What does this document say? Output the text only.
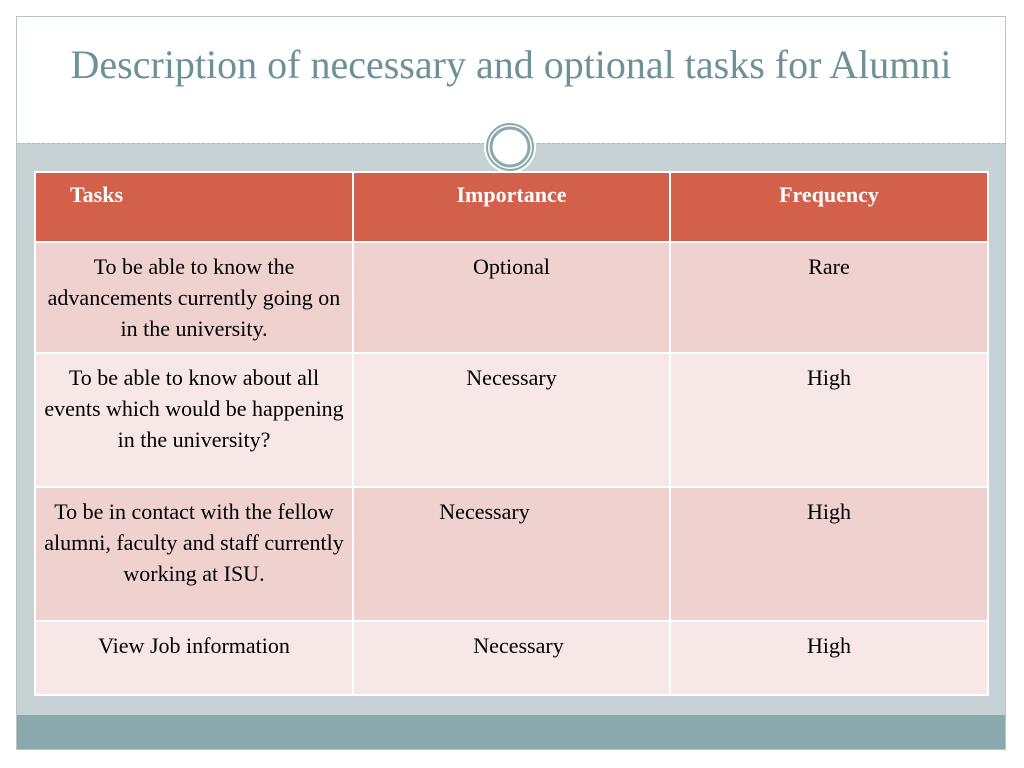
Description of necessary and optional tasks for Alumni
Tasks	Importance	Frequency
To be able to know the advancements currently going on in the university.	Optional	Rare
To be able to know about all events which would be happening in the university?	Necessary	High
To be in contact with the fellow alumni, faculty and staff currently working at ISU.	Necessary	High
View Job information	Necessary	High
